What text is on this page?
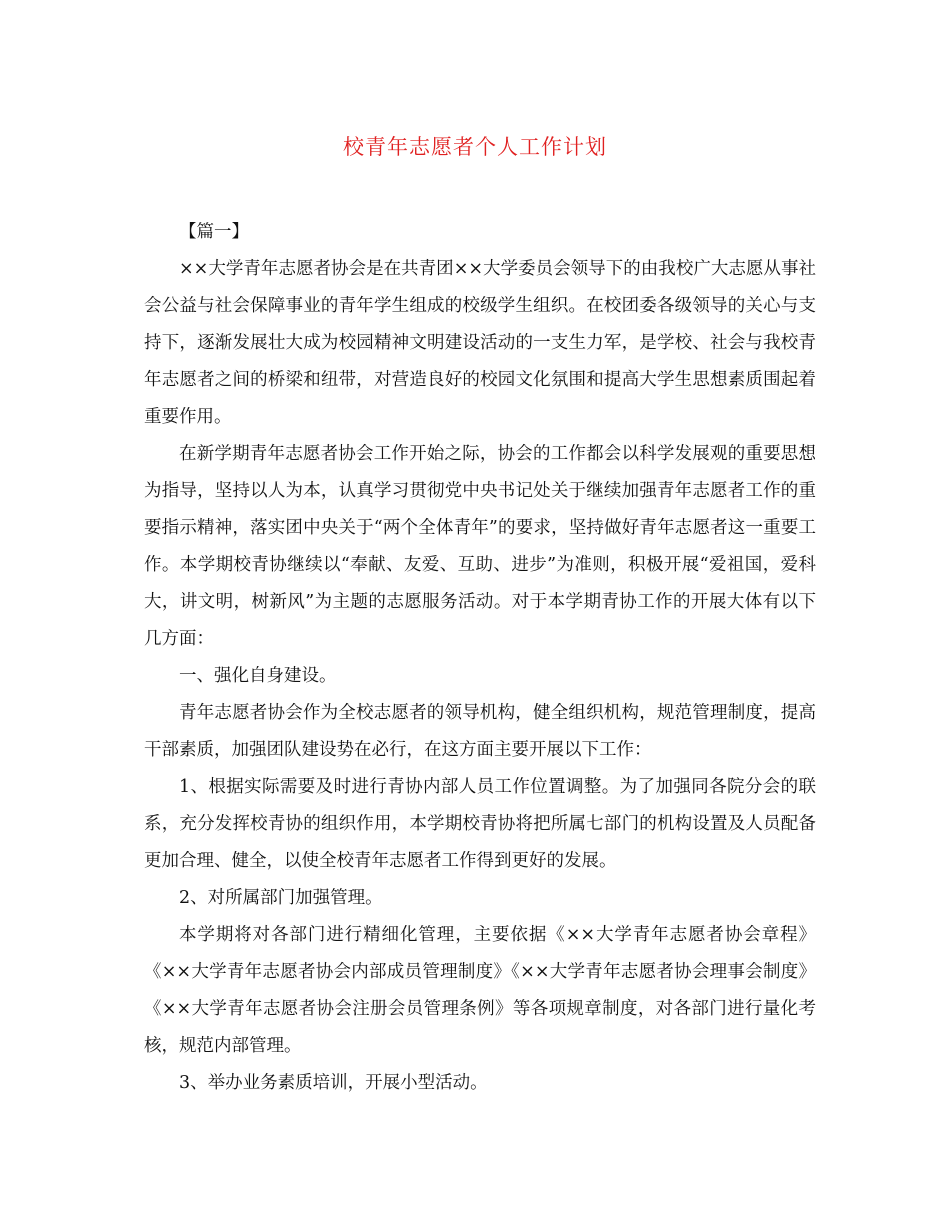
校青年志愿者个人工作计划

【篇一】

××大学青年志愿者协会是在共青团××大学委员会领导下的由我校广大志愿从事社会公益与社会保障事业的青年学生组成的校级学生组织。在校团委各级领导的关心与支持下，逐渐发展壮大成为校园精神文明建设活动的一支生力军，是学校、社会与我校青年志愿者之间的桥梁和纽带，对营造良好的校园文化氛围和提高大学生思想素质围起着重要作用。

在新学期青年志愿者协会工作开始之际，协会的工作都会以科学发展观的重要思想为指导，坚持以人为本，认真学习贯彻党中央书记处关于继续加强青年志愿者工作的重要指示精神，落实团中央关于“两个全体青年”的要求，坚持做好青年志愿者这一重要工作。本学期校青协继续以“奉献、友爱、互助、进步”为准则，积极开展“爱祖国，爱科大，讲文明，树新风”为主题的志愿服务活动。对于本学期青协工作的开展大体有以下几方面：

一、强化自身建设。

青年志愿者协会作为全校志愿者的领导机构，健全组织机构，规范管理制度，提高干部素质，加强团队建设势在必行，在这方面主要开展以下工作：

1、根据实际需要及时进行青协内部人员工作位置调整。为了加强同各院分会的联系，充分发挥校青协的组织作用，本学期校青协将把所属七部门的机构设置及人员配备更加合理、健全，以使全校青年志愿者工作得到更好的发展。

2、对所属部门加强管理。

本学期将对各部门进行精细化管理，主要依据《××大学青年志愿者协会章程》《××大学青年志愿者协会内部成员管理制度》《××大学青年志愿者协会理事会制度》《××大学青年志愿者协会注册会员管理条例》等各项规章制度，对各部门进行量化考核，规范内部管理。

3、举办业务素质培训，开展小型活动。
